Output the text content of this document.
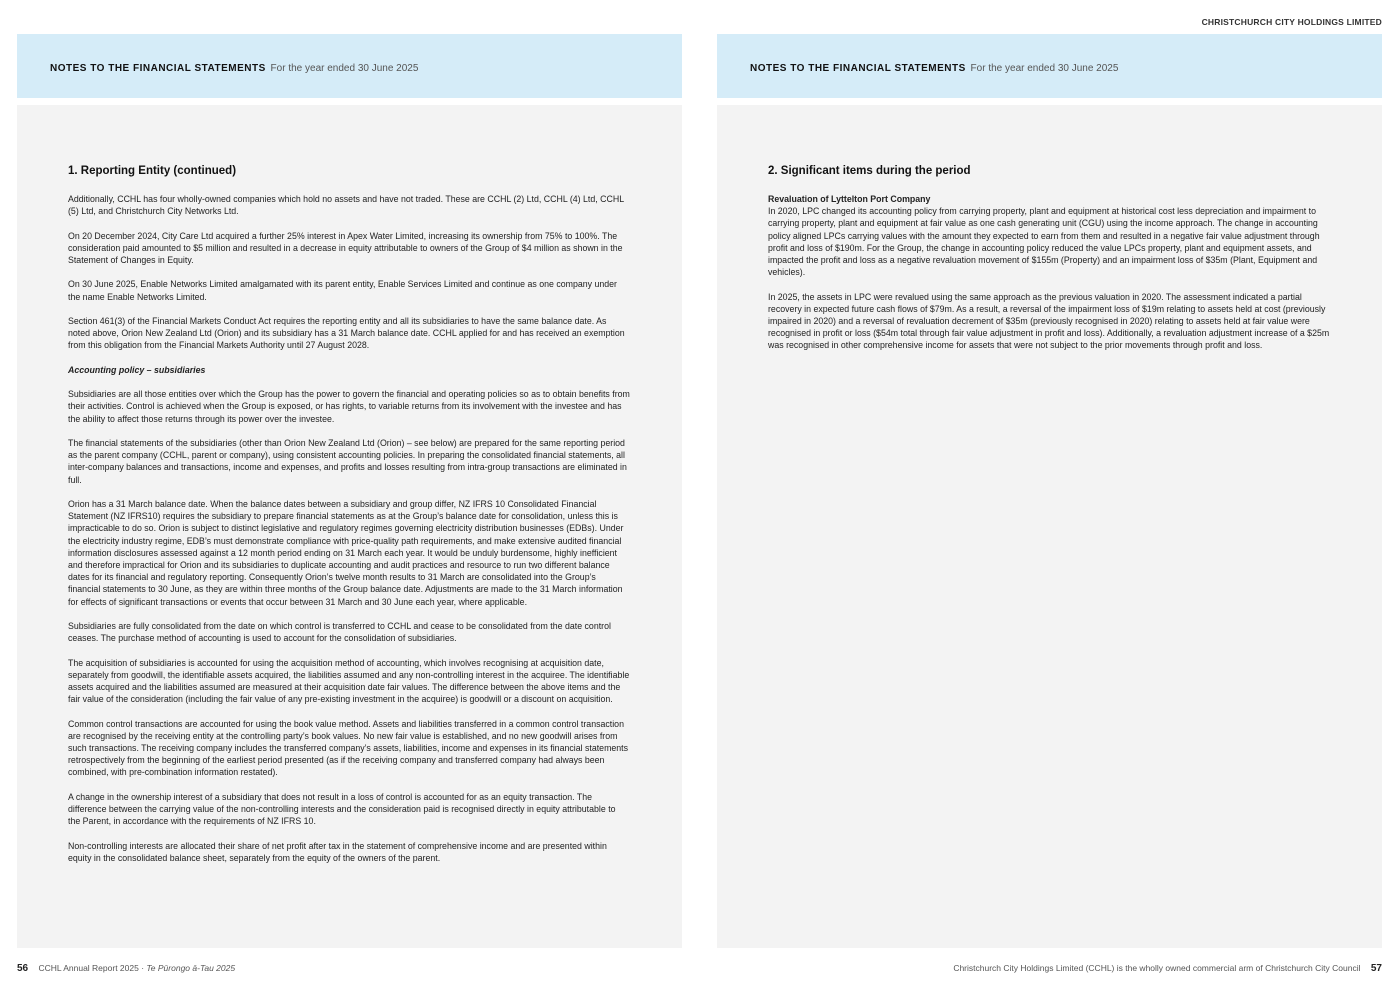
CHRISTCHURCH CITY HOLDINGS LIMITED
NOTES TO THE FINANCIAL STATEMENTS For the year ended 30 June 2025
1. Reporting Entity (continued)

Additionally, CCHL has four wholly-owned companies which hold no assets and have not traded. These are CCHL (2) Ltd, CCHL (4) Ltd, CCHL (5) Ltd, and Christchurch City Networks Ltd.

On 20 December 2024, City Care Ltd acquired a further 25% interest in Apex Water Limited, increasing its ownership from 75% to 100%. The consideration paid amounted to $5 million and resulted in a decrease in equity attributable to owners of the Group of $4 million as shown in the Statement of Changes in Equity.

On 30 June 2025, Enable Networks Limited amalgamated with its parent entity, Enable Services Limited and continue as one company under the name Enable Networks Limited.

Section 461(3) of the Financial Markets Conduct Act requires the reporting entity and all its subsidiaries to have the same balance date. As noted above, Orion New Zealand Ltd (Orion) and its subsidiary has a 31 March balance date. CCHL applied for and has received an exemption from this obligation from the Financial Markets Authority until 27 August 2028.

Accounting policy – subsidiaries

Subsidiaries are all those entities over which the Group has the power to govern the financial and operating policies so as to obtain benefits from their activities. Control is achieved when the Group is exposed, or has rights, to variable returns from its involvement with the investee and has the ability to affect those returns through its power over the investee.

The financial statements of the subsidiaries (other than Orion New Zealand Ltd (Orion) – see below) are prepared for the same reporting period as the parent company (CCHL, parent or company), using consistent accounting policies. In preparing the consolidated financial statements, all inter-company balances and transactions, income and expenses, and profits and losses resulting from intra-group transactions are eliminated in full.

Orion has a 31 March balance date. When the balance dates between a subsidiary and group differ, NZ IFRS 10 Consolidated Financial Statement (NZ IFRS10) requires the subsidiary to prepare financial statements as at the Group’s balance date for consolidation, unless this is impracticable to do so. Orion is subject to distinct legislative and regulatory regimes governing electricity distribution businesses (EDBs). Under the electricity industry regime, EDB’s must demonstrate compliance with price-quality path requirements, and make extensive audited financial information disclosures assessed against a 12 month period ending on 31 March each year. It would be unduly burdensome, highly inefficient and therefore impractical for Orion and its subsidiaries to duplicate accounting and audit practices and resource to run two different balance dates for its financial and regulatory reporting. Consequently Orion’s twelve month results to 31 March are consolidated into the Group’s financial statements to 30 June, as they are within three months of the Group balance date. Adjustments are made to the 31 March information for effects of significant transactions or events that occur between 31 March and 30 June each year, where applicable.

Subsidiaries are fully consolidated from the date on which control is transferred to CCHL and cease to be consolidated from the date control ceases. The purchase method of accounting is used to account for the consolidation of subsidiaries.

The acquisition of subsidiaries is accounted for using the acquisition method of accounting, which involves recognising at acquisition date, separately from goodwill, the identifiable assets acquired, the liabilities assumed and any non-controlling interest in the acquiree. The identifiable assets acquired and the liabilities assumed are measured at their acquisition date fair values. The difference between the above items and the fair value of the consideration (including the fair value of any pre-existing investment in the acquiree) is goodwill or a discount on acquisition.

Common control transactions are accounted for using the book value method. Assets and liabilities transferred in a common control transaction are recognised by the receiving entity at the controlling party’s book values. No new fair value is established, and no new goodwill arises from such transactions. The receiving company includes the transferred company’s assets, liabilities, income and expenses in its financial statements retrospectively from the beginning of the earliest period presented (as if the receiving company and transferred company had always been combined, with pre-combination information restated).

A change in the ownership interest of a subsidiary that does not result in a loss of control is accounted for as an equity transaction. The difference between the carrying value of the non-controlling interests and the consideration paid is recognised directly in equity attributable to the Parent, in accordance with the requirements of NZ IFRS 10.

Non-controlling interests are allocated their share of net profit after tax in the statement of comprehensive income and are presented within equity in the consolidated balance sheet, separately from the equity of the owners of the parent.

NOTES TO THE FINANCIAL STATEMENTS For the year ended 30 June 2025
2. Significant items during the period

Revaluation of Lyttelton Port Company

In 2020, LPC changed its accounting policy from carrying property, plant and equipment at historical cost less depreciation and impairment to carrying property, plant and equipment at fair value as one cash generating unit (CGU) using the income approach. The change in accounting policy aligned LPCs carrying values with the amount they expected to earn from them and resulted in a negative fair value adjustment through profit and loss of $190m. For the Group, the change in accounting policy reduced the value LPCs property, plant and equipment assets, and impacted the profit and loss as a negative revaluation movement of $155m (Property) and an impairment loss of $35m (Plant, Equipment and vehicles).

In 2025, the assets in LPC were revalued using the same approach as the previous valuation in 2020. The assessment indicated a partial recovery in expected future cash flows of $79m. As a result, a reversal of the impairment loss of $19m relating to assets held at cost (previously impaired in 2020) and a reversal of revaluation decrement of $35m (previously recognised in 2020) relating to assets held at fair value were recognised in profit or loss ($54m total through fair value adjustment in profit and loss). Additionally, a revaluation adjustment increase of a $25m was recognised in other comprehensive income for assets that were not subject to the prior movements through profit and loss.

56 CCHL Annual Report 2025 · Te Pūrongo ā-Tau 2025	Christchurch City Holdings Limited (CCHL) is the wholly owned commercial arm of Christchurch City Council 57
